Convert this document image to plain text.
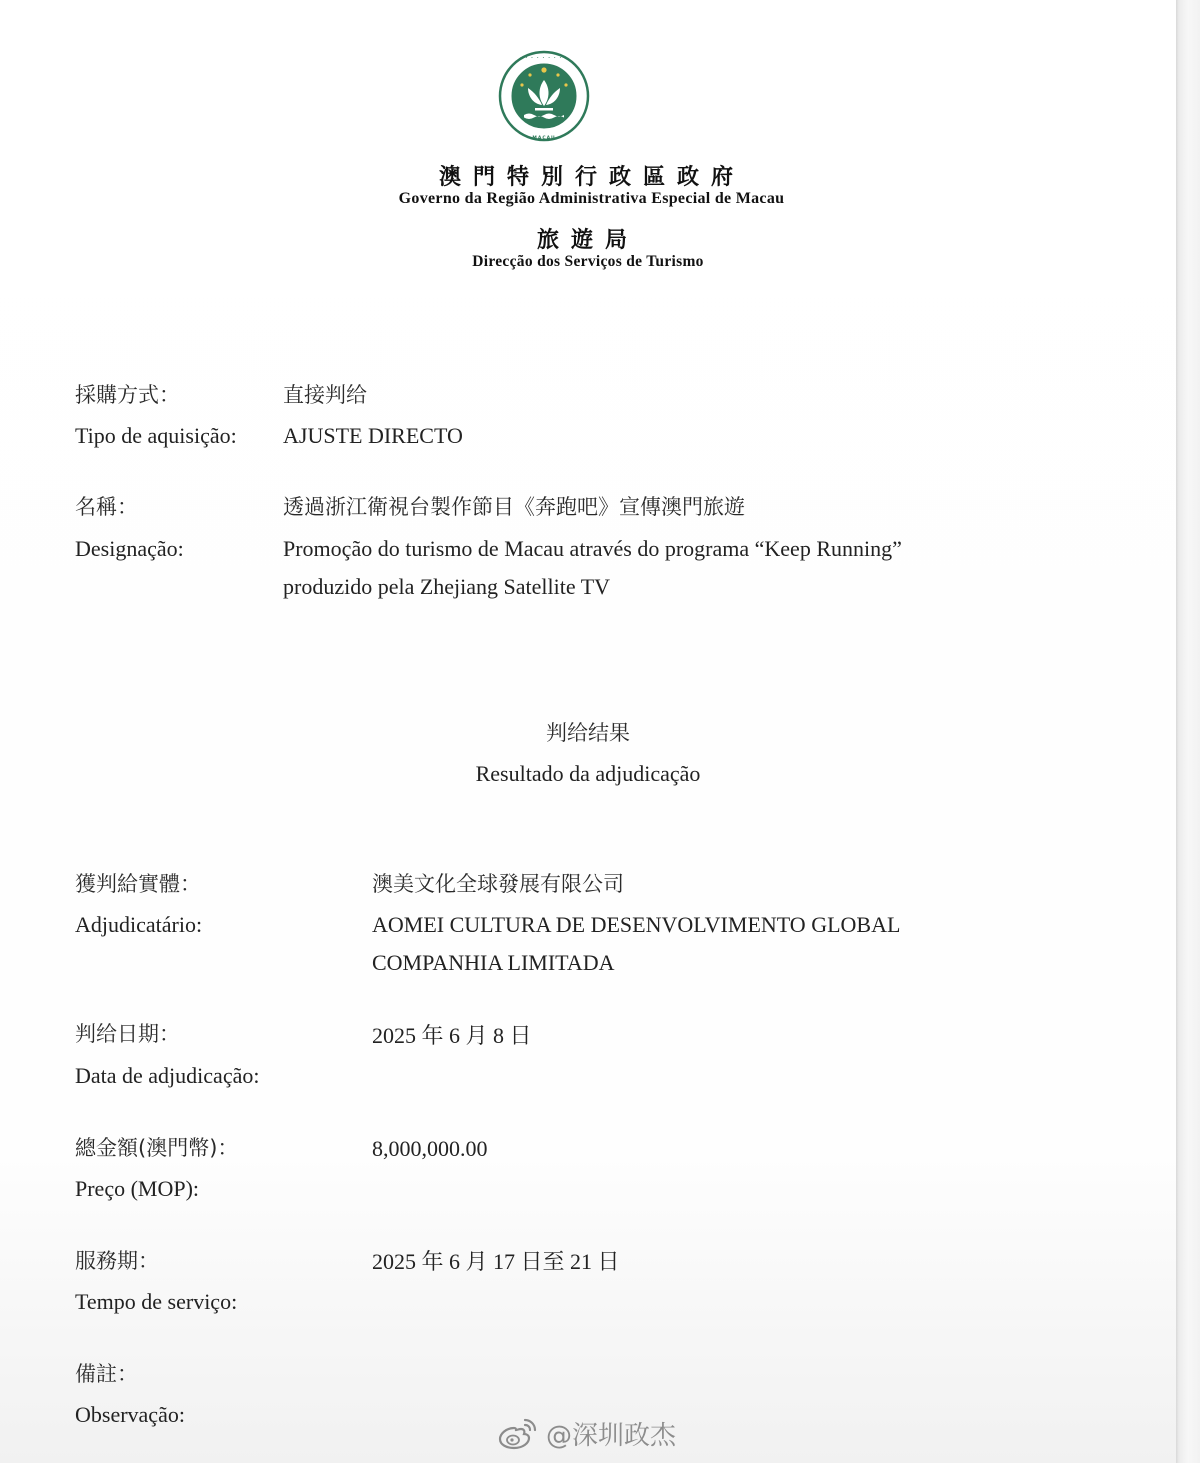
· · · · · · · · ·
MACAU
澳門特別行政區政府
Governo da Região Administrativa Especial de Macau
旅遊局
Direcção dos Serviços de Turismo
採購方式：	直接判给
Tipo de aquisição: AJUSTE DIRECTO
名稱：	透過浙江衛視台製作節目《奔跑吧》宣傳澳門旅遊
Designação:	Promoção do turismo de Macau através do programa “Keep Running”
produzido pela Zhejiang Satellite TV
判给结果
Resultado da adjudicação
獲判給實體：	澳美文化全球發展有限公司
Adjudicatário:	AOMEI CULTURA DE DESENVOLVIMENTO GLOBAL
COMPANHIA LIMITADA
判给日期：	2025 年 6 月 8 日
Data de adjudicação:
總金額(澳門幣)：	8,000,000.00
Preço (MOP):
服務期：	2025 年 6 月 17 日至 21 日
Tempo de serviço:
備註：
Observação:
@深圳政杰
